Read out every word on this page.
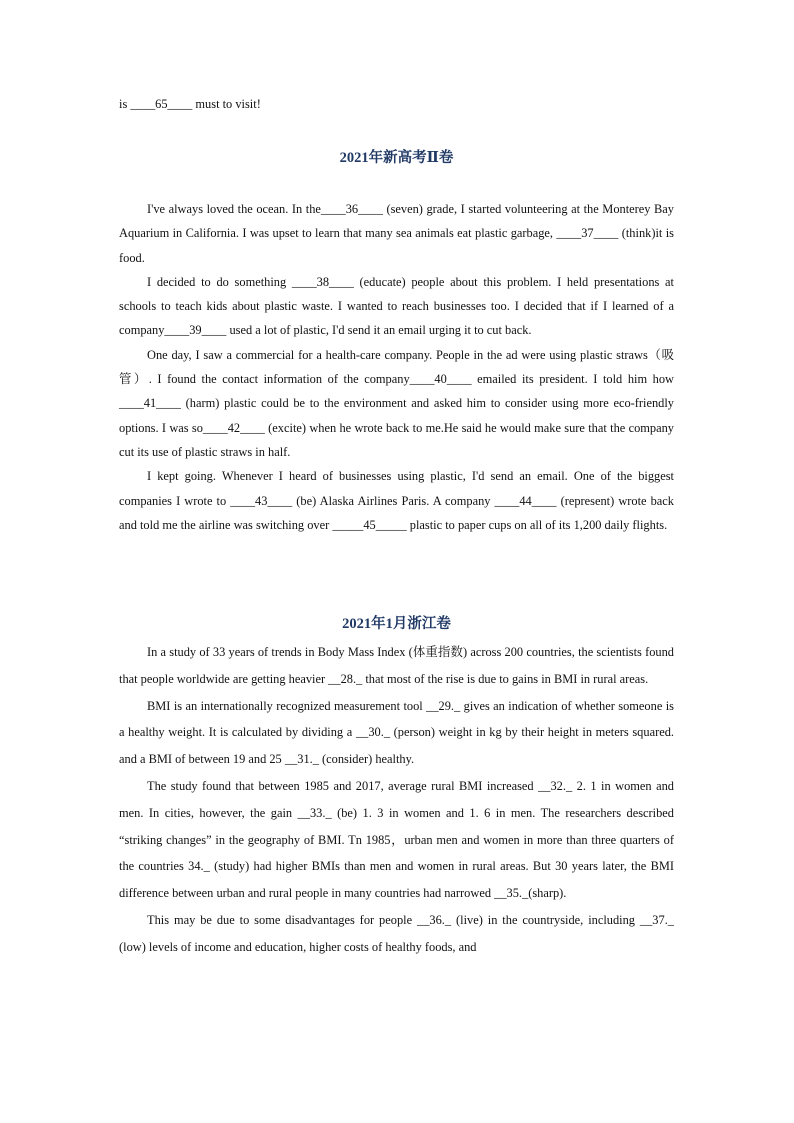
is ____65____ must to visit!
2021年新高考Ⅱ卷

I've always loved the ocean. In the____36____ (seven) grade, I started volunteering at the Monterey Bay Aquarium in California. I was upset to learn that many sea animals eat plastic garbage, ____37____ (think)it is food.

I decided to do something ____38____ (educate) people about this problem. I held presentations at schools to teach kids about plastic waste. I wanted to reach businesses too. I decided that if I learned of a company____39____ used a lot of plastic, I'd send it an email urging it to cut back.

One day, I saw a commercial for a health-care company. People in the ad were using plastic straws（吸管）. I found the contact information of the company____40____ emailed its president. I told him how ____41____ (harm) plastic could be to the environment and asked him to consider using more eco-friendly options. I was so____42____ (excite) when he wrote back to me.He said he would make sure that the company cut its use of plastic straws in half.

I kept going. Whenever I heard of businesses using plastic, I'd send an email. One of the biggest companies I wrote to ____43____ (be) Alaska Airlines Paris. A company ____44____ (represent) wrote back and told me the airline was switching over _____45_____ plastic to paper cups on all of its 1,200 daily flights.

2021年1月浙江卷

In a study of 33 years of trends in Body Mass Index (体重指数) across 200 countries, the scientists found that people worldwide are getting heavier __28._ that most of the rise is due to gains in BMI in rural areas.

BMI is an internationally recognized measurement tool __29._ gives an indication of whether someone is a healthy weight. It is calculated by dividing a __30._ (person) weight in kg by their height in meters squared. and a BMI of between 19 and 25 __31._ (consider) healthy.

The study found that between 1985 and 2017, average rural BMI increased __32._ 2. 1 in women and men. In cities, however, the gain __33._ (be) 1. 3 in women and 1. 6 in men. The researchers described “striking changes” in the geography of BMI. Tn 1985，urban men and women in more than three quarters of the countries 34._ (study) had higher BMIs than men and women in rural areas. But 30 years later, the BMI difference between urban and rural people in many countries had narrowed __35._(sharp).

This may be due to some disadvantages for people __36._ (live) in the countryside, including __37._ (low) levels of income and education, higher costs of healthy foods, and
